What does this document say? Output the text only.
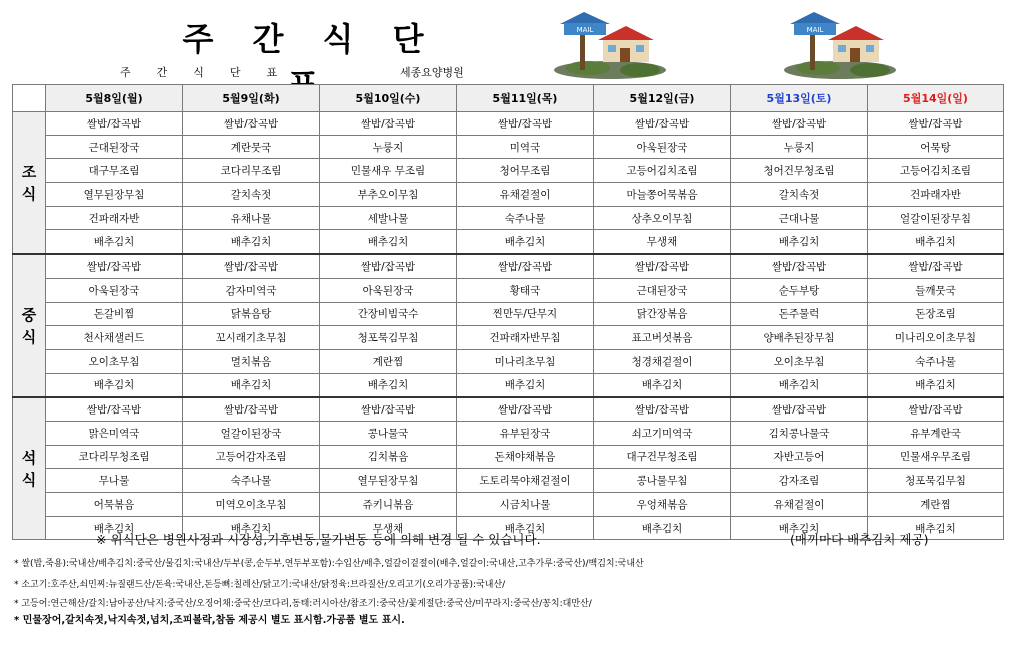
주 간 식 단
주간식단표	세종요양병원
MAIL	MAIL
	5월8일(월)	5월9일(화)	5월10일(수)	5월11일(목)	5월12일(금)	5월13일(토)	5월14일(일)

조
식	쌀밥/잡곡밥	쌀밥/잡곡밥	쌀밥/잡곡밥	쌀밥/잡곡밥	쌀밥/잡곡밥	쌀밥/잡곡밥	쌀밥/잡곡밥
	근대된장국	계란뭇국	누룽지	미역국	아욱된장국	누룽지	어묵탕
	대구무조림	코다리무조림	민물새우 무조림	청어무조림	고등어김치조림	청어건무청조림	고등어김치조림
	열무된장무침	갈치속젓	부추오이무침	유채겉절이	마늘쫑어묵볶음	갈치속젓	건파래자반
	건파래자반	유채나물	세발나물	숙주나물	상추오이무침	근대나물	얼갈이된장무침
	배추김치	배추김치	배추김치	배추김치	무생채	배추김치	배추김치

중
식	쌀밥/잡곡밥	쌀밥/잡곡밥	쌀밥/잡곡밥	쌀밥/잡곡밥	쌀밥/잡곡밥	쌀밥/잡곡밥	쌀밥/잡곡밥
	아욱된장국	감자미역국	아욱된장국	황태국	근대된장국	순두부탕	들깨뭇국
	돈갈비찜	닭볶음탕	간장비빔국수	찐만두/단무지	닭간장볶음	돈주물럭	돈장조림
	천사채샐러드	꼬시래기초무침	청포묵김무침	건파래자반무침	표고버섯볶음	양배추된장무침	미나리오이초무침
	오이초무침	멸치볶음	계란찜	미나리초무침	청경채겉절이	오이초무침	숙주나물
	배추김치	배추김치	배추김치	배추김치	배추김치	배추김치	배추김치

석
식	쌀밥/잡곡밥	쌀밥/잡곡밥	쌀밥/잡곡밥	쌀밥/잡곡밥	쌀밥/잡곡밥	쌀밥/잡곡밥	쌀밥/잡곡밥
	맑은미역국	얼갈이된장국	콩나물국	유부된장국	쇠고기미역국	김치콩나물국	유부계란국
	코다리무청조림	고등어감자조림	김치볶음	돈채야채볶음	대구건무청조림	자반고등어	민물새우무조림
	무나물	숙주나물	열무된장무침	도토리묵야채겉절이	콩나물무침	감자조림	청포묵김무침
	어묵볶음	미역오이초무침	쥬키니볶음	시금치나물	우엉채볶음	유채겉절이	계란찜
	배추김치	배추김치	무생채	배추김치	배추김치	배추김치	배추김치
※ 위식단은 병원사정과 시장성,기후변동,물가변동 등에 의해 변경 될 수 있습니다.	(매끼마다 배추김치 제공)
* 쌀(밥,죽용):국내산/배추김치:중국산/물김치:국내산/두부(콩,순두부,연두부포함):수입산/배추,얼갈이겉절이(배추,얼갈이:국내산,고추가루:중국산)/백김치:국내산
* 소고기:호주산,쇠민찌:뉴질랜드산/돈육:국내산,돈등뼈:칠레산/닭고기:국내산/닭정육:브라질산/오리고기(오리가공품):국내산/
* 고등어:연근해산/갈치:남아공산/낙지:중국산/오징어채:중국산/코다리,동태:러시아산/참조기:중국산/꽃게절단:중국산/미꾸라지:중국산/꽁치:대만산/
* 민물장어,갈치속젓,낙지속젓,넙치,조피볼락,참돔 제공시 별도 표시함.가공품 별도 표시.
